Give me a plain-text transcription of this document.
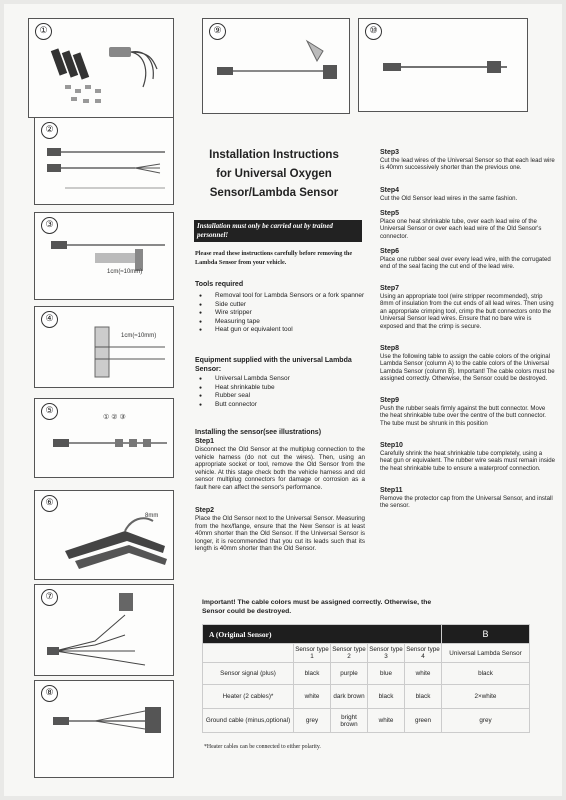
①
②
③
1cm(≈10mm)
④
1cm(≈10mm)
⑤
① ② ③
⑥
8mm
⑦
⑧
⑨	⑩
Installation Instructions
for Universal Oxygen
Sensor/Lambda Sensor
Installation must only be carried out by trained personnel!
Please read these instructions carefully before removing the Lambda Sensor from your vehicle.
Tools required
● Removal tool for Lambda Sensors or a fork spanner
● Side cutter
● Wire stripper
● Measuring tape
● Heat gun or equivalent tool
Equipment supplied with the universal Lambda Sensor:
● Universal Lambda Sensor
● Heat shrinkable tube
● Rubber seal
● Butt connector
Installing the sensor(see illustrations)
Step1
Disconnect the Old Sensor at the multiplug connection to the vehicle harness (do not cut the wires). Then, using an appropriate socket or tool, remove the Old Sensor from the vehicle. At this stage check both the vehicle harness and old sensor multiplug connectors for damage or corrosion as a fault here can affect the sensor's performance.
Step2
Place the Old Sensor next to the Universal Sensor. Measuring from the hex/flange, ensure that the New Sensor is at least 40mm shorter than the Old Sensor. If the Universal Sensor is longer, it is recommended that you cut its leads such that its length is 40mm shorter than the Old Sensor.
Step3
Cut the lead wires of the Universal Sensor so that each lead wire is 40mm successively shorter than the previous one.
Step4
Cut the Old Sensor lead wires in the same fashion.
Step5
Place one heat shrinkable tube, over each lead wire of the Universal Sensor or over each lead wire of the Old Sensor's connector.
Step6
Place one rubber seal over every lead wire, with the corrugated end of the seal facing the cut end of the lead wire.
Step7
Using an appropriate tool (wire stripper recommended), strip 8mm of insulation from the cut ends of all lead wires. Then using an appropriate crimping tool, crimp the butt connectors onto the Universal Sensor lead wires. Ensure that no bare wire is exposed and that the crimp is secure.
Step8
Use the following table to assign the cable colors of the original Lambda Sensor (column A) to the cable colors of the Universal Lambda Sensor (column B). Important! The cable colors must be assigned correctly. Otherwise, the Sensor could be destroyed.
Step9
Push the rubber seals firmly against the butt connector. Move the heat shrinkable tube over the centre of the butt connector. The tube must be shrunk in this position
Step10
Carefully shrink the heat shrinkable tube completely, using a heat gun or equivalent. The rubber wire seals must remain inside the heat shrinkable tube to ensure a waterproof connection.
Step11
Remove the protector cap from the Universal Sensor, and install the sensor.
Important! The cable colors must be assigned correctly. Otherwise, the Sensor could be destroyed.
A (Original Sensor)					B
	Sensor type 1	Sensor type 2	Sensor type 3	Sensor type 4	Universal Lambda Sensor
Sensor signal (plus)	black	purple	blue	white	black
Heater (2 cables)*	white	dark brown	black	black	2×white
Ground cable (minus,optional)	grey	bright brown	white	green	grey
*Heater cables can be connected to either polarity.
